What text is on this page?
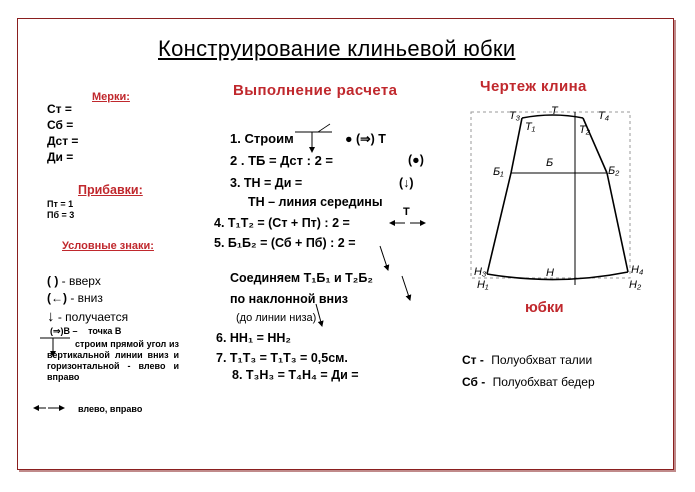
Конструирование клиньевой юбки
Мерки:
Ст =
Сб =
Дст =
Ди =
Прибавки:
Пт = 1
Пб = 3
Условные знаки:
( ) - вверх
(←) - вниз
↓ - получается
(⇒)В – точка В
строим прямой угол из вертикальной линии вниз и горизонтальной - влево и вправо
влево, вправо
Выполнение расчета
1. Строим	● (⇒) Т
2 . ТБ = Дст : 2 =	(●)
3. ТН = Ди =	(↓)
ТН – линия середины
Т
4. Т₁Т₂ = (Ст + Пт) : 2 =
5. Б₁Б₂ = (Сб + Пб) : 2 =
Соединяем Т₁Б₁ и Т₂Б₂
по наклонной вниз
(до линии низа)
6. НН₁ = НН₂
7. Т₁Т₃ = Т₁Т₃ = 0,5см.
8. Т₃Н₃ = Т₄Н₄ = Ди =
Чертеж клина
юбки
Ст - Полуобхват талии
Сб - Полуобхват бедер
Т₃	Т	Т₄
Т₁	Т₂
Б
Б₁	Б₂
Н₃
Н₁
Н	Н₄
Н₂
